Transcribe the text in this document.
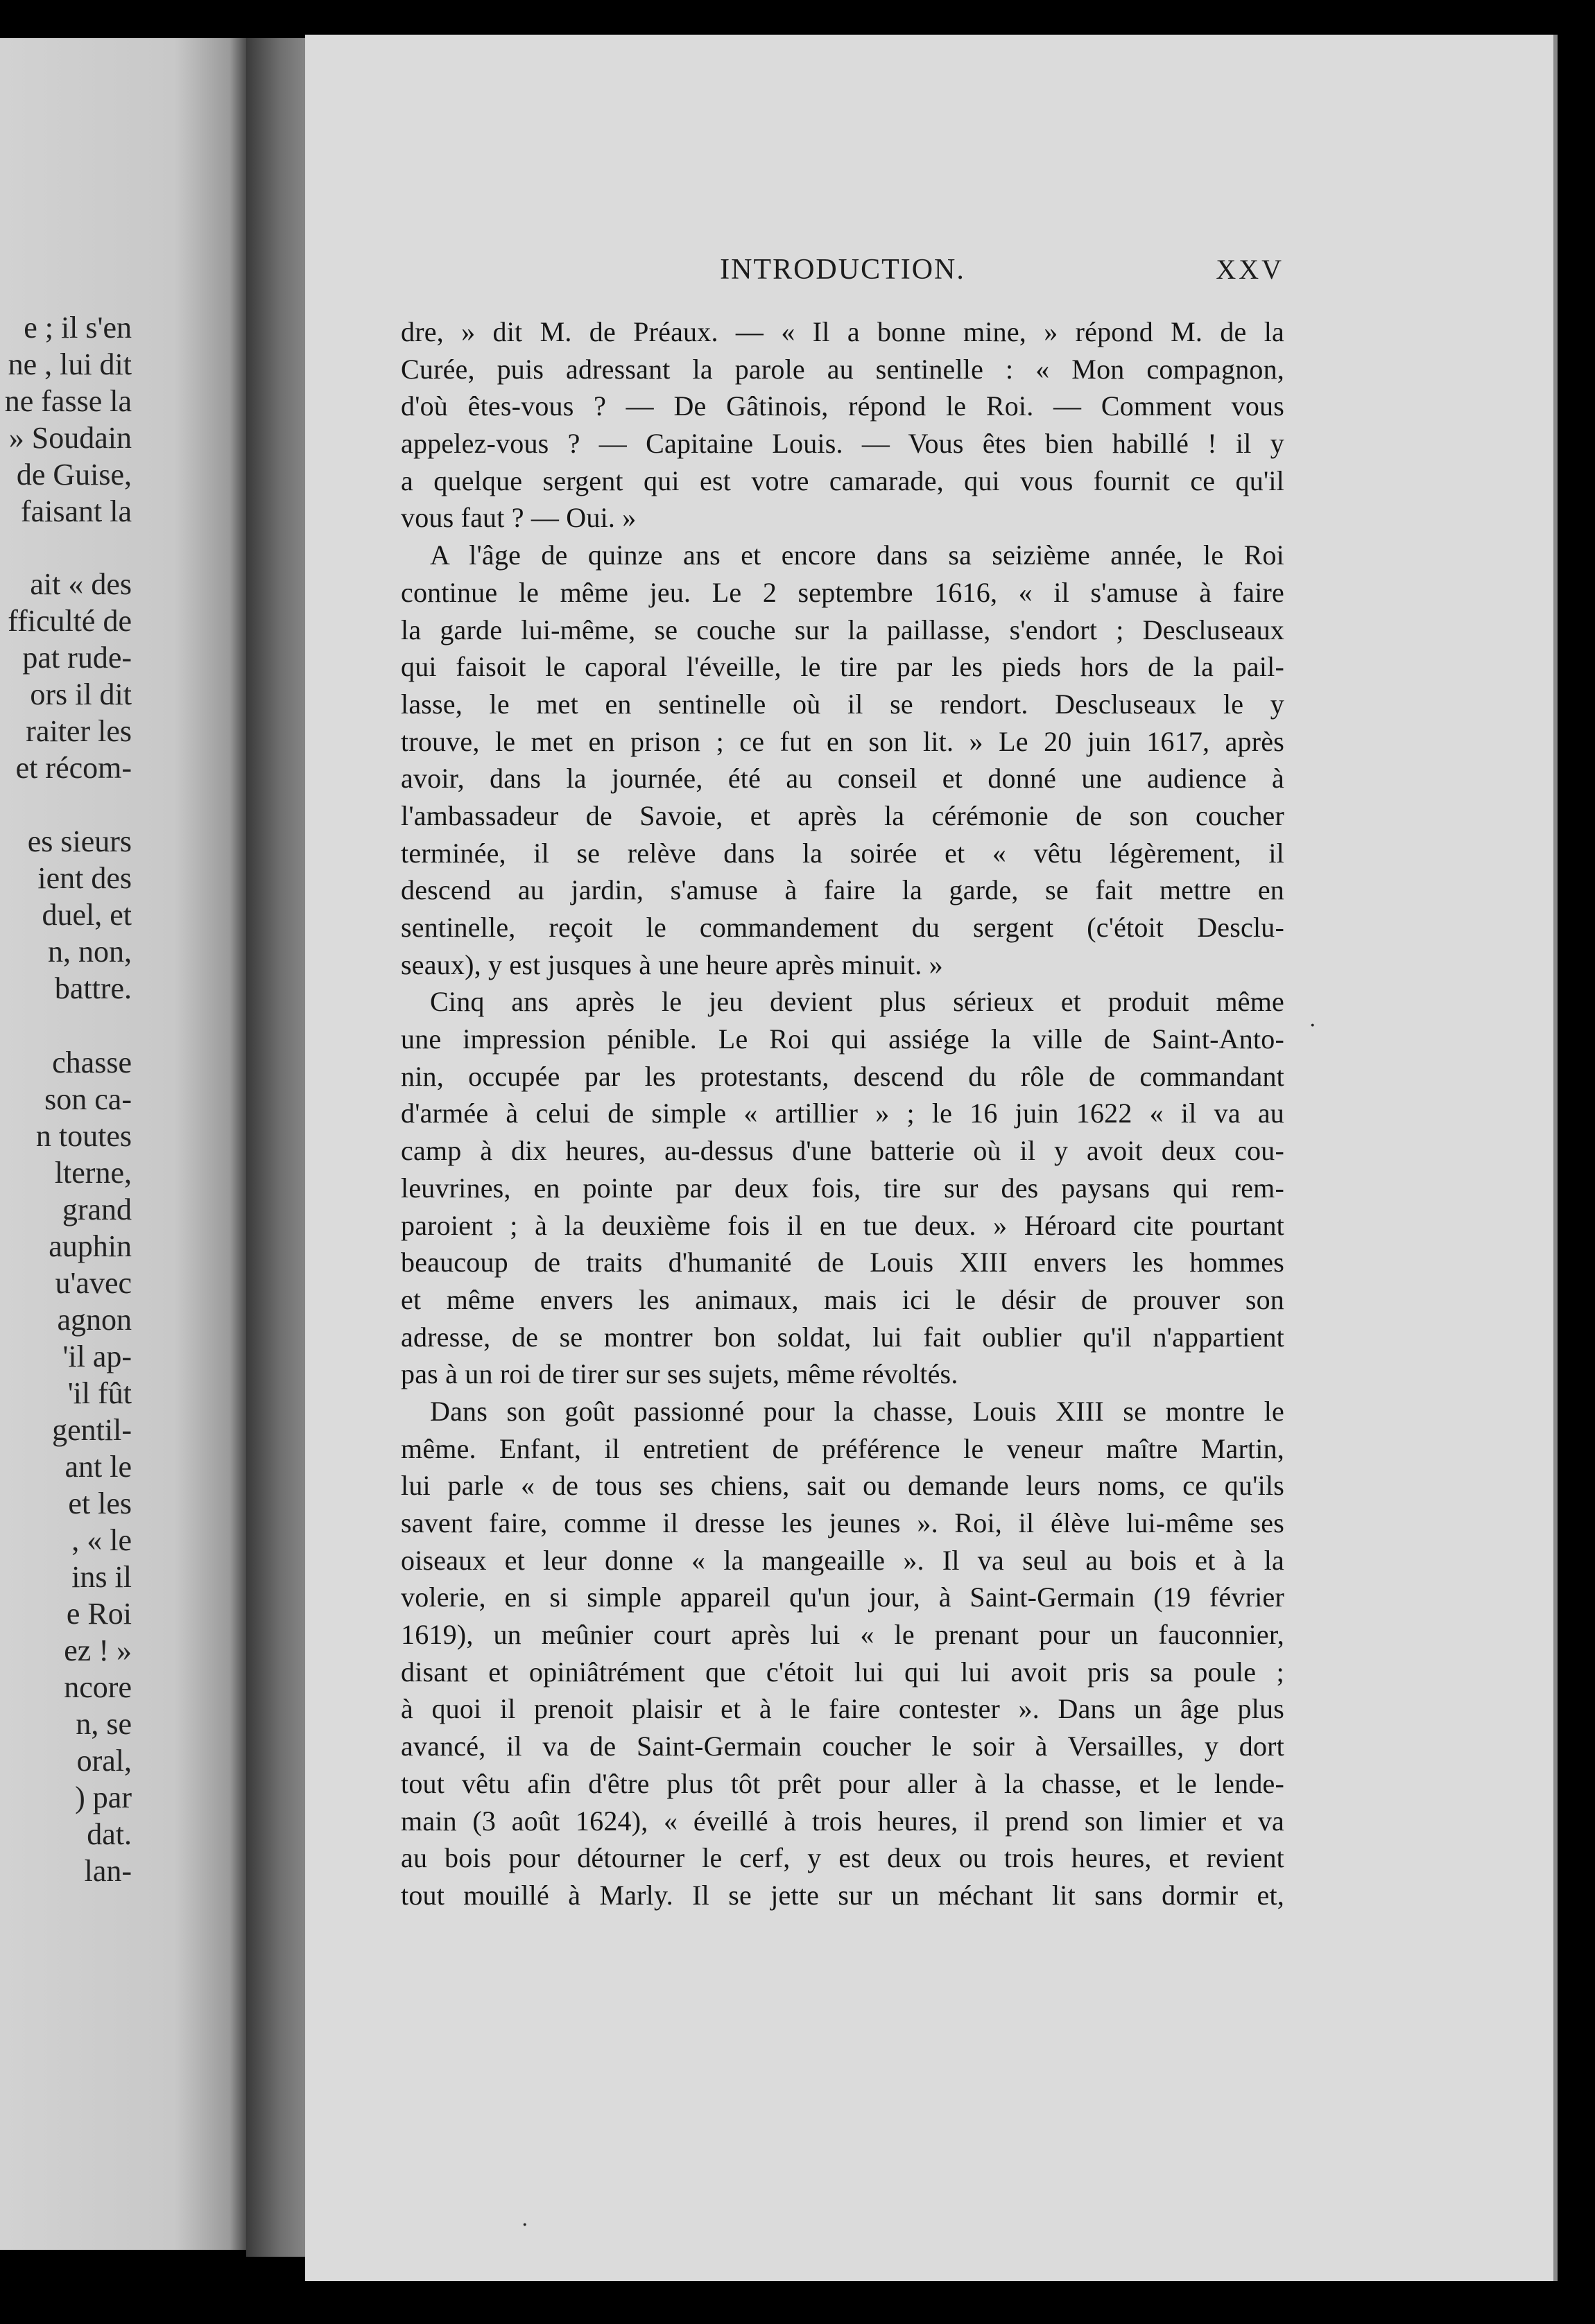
e ; il s'en
ne , lui dit
ne fasse la
» Soudain
de Guise,
faisant la
ait « des
fficulté de
pat rude-
ors il dit
raiter les
et récom-
es sieurs
ient des
duel, et
n, non,
battre.
chasse
son ca-
n toutes
lterne,
grand
auphin
u'avec
agnon
'il ap-
'il fût
gentil-
ant le
et les
, « le
ins il
e Roi
ez ! »
ncore
n, se
oral,
) par
dat.
lan-
INTRODUCTION.	XXV
dre, » dit M. de Préaux. — « Il a bonne mine, » répond M. de la
Curée, puis adressant la parole au sentinelle : « Mon compagnon,
d'où êtes-vous ? — De Gâtinois, répond le Roi. — Comment vous
appelez-vous ? — Capitaine Louis. — Vous êtes bien habillé ! il y
a quelque sergent qui est votre camarade, qui vous fournit ce qu'il
vous faut ? — Oui. »
A l'âge de quinze ans et encore dans sa seizième année, le Roi
continue le même jeu. Le 2 septembre 1616, « il s'amuse à faire
la garde lui-même, se couche sur la paillasse, s'endort ; Descluseaux
qui faisoit le caporal l'éveille, le tire par les pieds hors de la pail-
lasse, le met en sentinelle où il se rendort. Descluseaux le y
trouve, le met en prison ; ce fut en son lit. » Le 20 juin 1617, après
avoir, dans la journée, été au conseil et donné une audience à
l'ambassadeur de Savoie, et après la cérémonie de son coucher
terminée, il se relève dans la soirée et « vêtu légèrement, il
descend au jardin, s'amuse à faire la garde, se fait mettre en
sentinelle, reçoit le commandement du sergent (c'étoit Desclu-
seaux), y est jusques à une heure après minuit. »
Cinq ans après le jeu devient plus sérieux et produit même
une impression pénible. Le Roi qui assiége la ville de Saint-Anto-
nin, occupée par les protestants, descend du rôle de commandant
d'armée à celui de simple « artillier » ; le 16 juin 1622 « il va au
camp à dix heures, au-dessus d'une batterie où il y avoit deux cou-
leuvrines, en pointe par deux fois, tire sur des paysans qui rem-
paroient ; à la deuxième fois il en tue deux. » Héroard cite pourtant
beaucoup de traits d'humanité de Louis XIII envers les hommes
et même envers les animaux, mais ici le désir de prouver son
adresse, de se montrer bon soldat, lui fait oublier qu'il n'appartient
pas à un roi de tirer sur ses sujets, même révoltés.
Dans son goût passionné pour la chasse, Louis XIII se montre le
même. Enfant, il entretient de préférence le veneur maître Martin,
lui parle « de tous ses chiens, sait ou demande leurs noms, ce qu'ils
savent faire, comme il dresse les jeunes ». Roi, il élève lui-même ses
oiseaux et leur donne « la mangeaille ». Il va seul au bois et à la
volerie, en si simple appareil qu'un jour, à Saint-Germain (19 février
1619), un meûnier court après lui « le prenant pour un fauconnier,
disant et opiniâtrément que c'étoit lui qui lui avoit pris sa poule ;
à quoi il prenoit plaisir et à le faire contester ». Dans un âge plus
avancé, il va de Saint-Germain coucher le soir à Versailles, y dort
tout vêtu afin d'être plus tôt prêt pour aller à la chasse, et le lende-
main (3 août 1624), « éveillé à trois heures, il prend son limier et va
au bois pour détourner le cerf, y est deux ou trois heures, et revient
tout mouillé à Marly. Il se jette sur un méchant lit sans dormir et,
·
·
